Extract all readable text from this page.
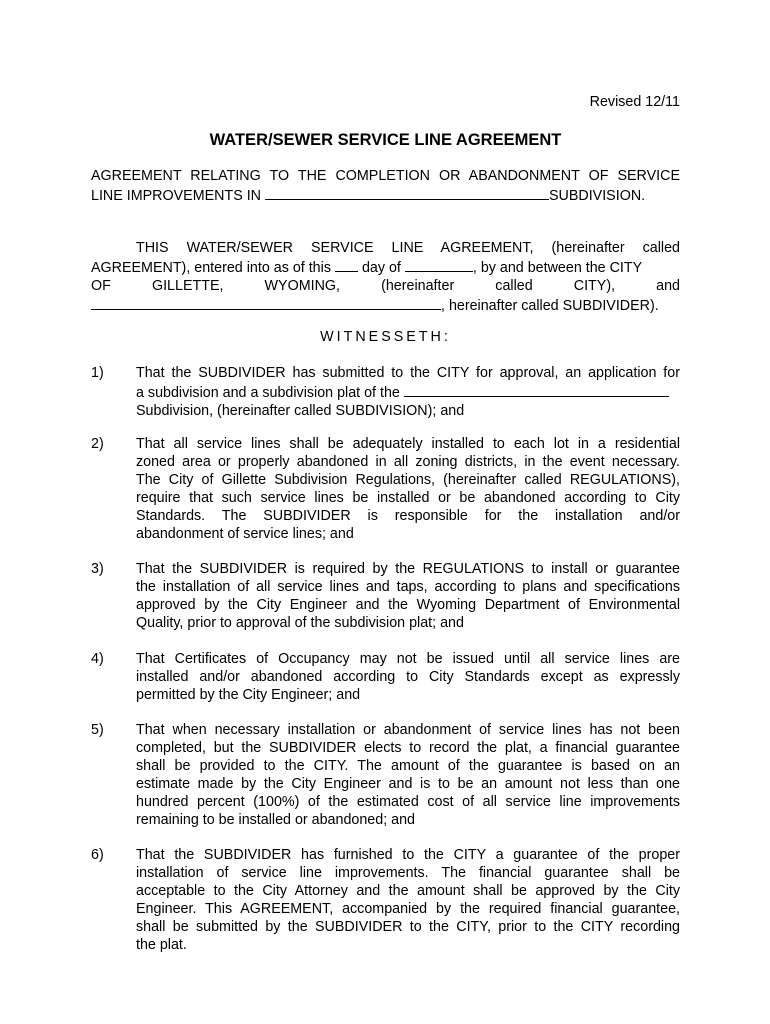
Revised 12/11
WATER/SEWER SERVICE LINE AGREEMENT
AGREEMENT RELATING TO THE COMPLETION OR ABANDONMENT OF SERVICE
LINE IMPROVEMENTS IN	SUBDIVISION.
THIS WATER/SEWER SERVICE LINE AGREEMENT, (hereinafter called
AGREEMENT), entered into as of this day of	, by and between the CITY
OF GILLETTE, WYOMING, (hereinafter called CITY), and
, hereinafter called SUBDIVIDER).
WITNESSETH:
1) That the SUBDIVIDER has submitted to the CITY for approval, an application for
a subdivision and a subdivision plat of the
Subdivision, (hereinafter called SUBDIVISION); and
2) That all service lines shall be adequately installed to each lot in a residential
zoned area or properly abandoned in all zoning districts, in the event necessary.
The City of Gillette Subdivision Regulations, (hereinafter called REGULATIONS),
require that such service lines be installed or be abandoned according to City
Standards. The SUBDIVIDER is responsible for the installation and/or
abandonment of service lines; and
3) That the SUBDIVIDER is required by the REGULATIONS to install or guarantee
the installation of all service lines and taps, according to plans and specifications
approved by the City Engineer and the Wyoming Department of Environmental
Quality, prior to approval of the subdivision plat; and
4) That Certificates of Occupancy may not be issued until all service lines are
installed and/or abandoned according to City Standards except as expressly
permitted by the City Engineer; and
5) That when necessary installation or abandonment of service lines has not been
completed, but the SUBDIVIDER elects to record the plat, a financial guarantee
shall be provided to the CITY. The amount of the guarantee is based on an
estimate made by the City Engineer and is to be an amount not less than one
hundred percent (100%) of the estimated cost of all service line improvements
remaining to be installed or abandoned; and
6) That the SUBDIVIDER has furnished to the CITY a guarantee of the proper
installation of service line improvements. The financial guarantee shall be
acceptable to the City Attorney and the amount shall be approved by the City
Engineer. This AGREEMENT, accompanied by the required financial guarantee,
shall be submitted by the SUBDIVIDER to the CITY, prior to the CITY recording
the plat.
